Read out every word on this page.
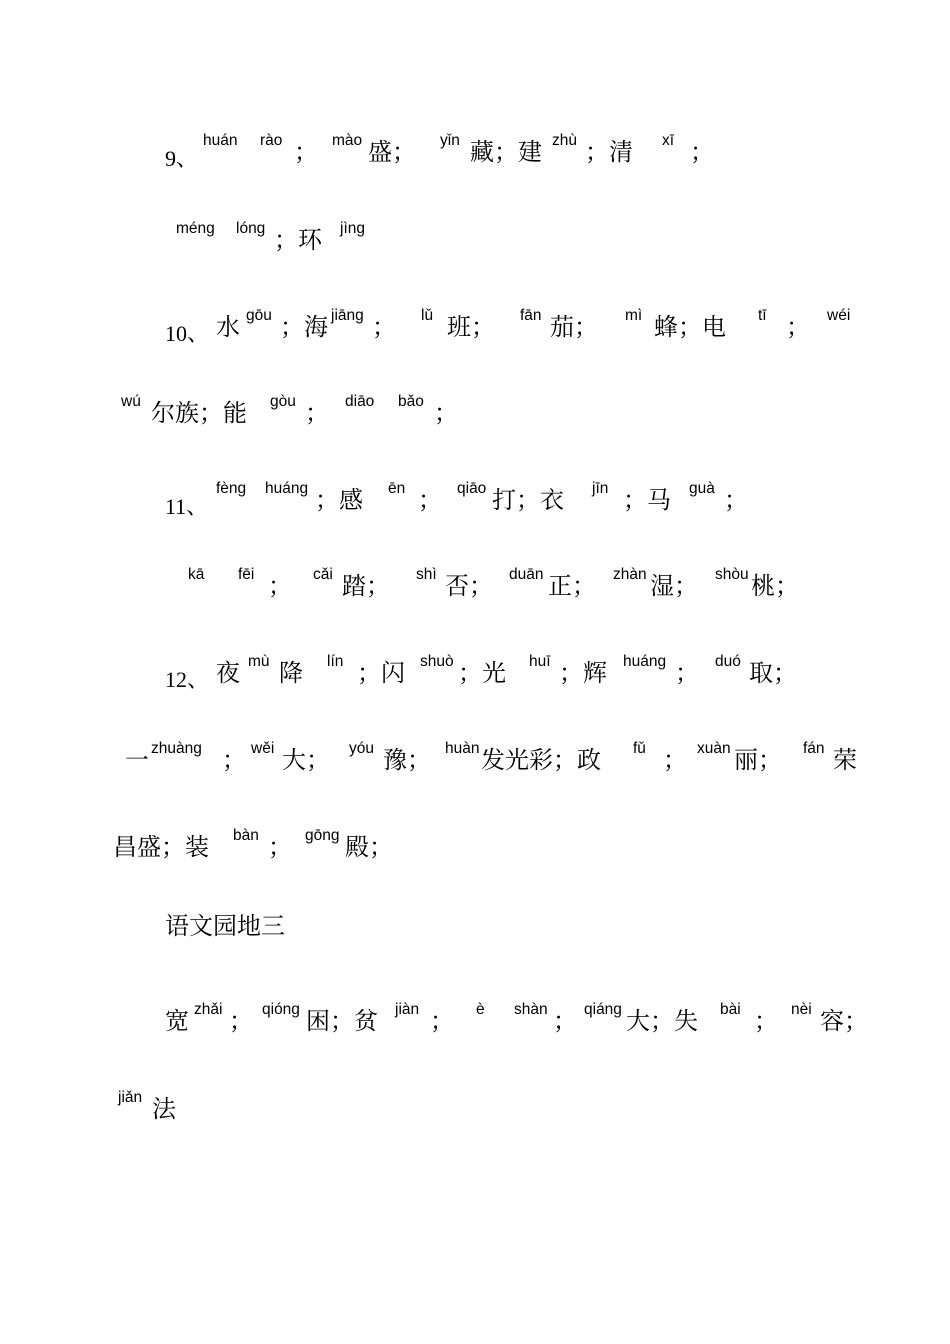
语文园地三
9、
huán rào ； mào 盛； yǐn 藏；建 zhù ；清 xī ；
méng lóng ；环 jìng
10、 水 gōu ；海 jiāng ； lǔ 班； fān 茄； mì 蜂；电 tī ； wéi
wú 尔族；能 gòu ； diāo bǎo ；
11、
fèng huáng ；感 ēn ； qiāo 打；衣 jīn ；马 guà ；
kā fēi ； cǎi 踏； shì 否； duān 正； zhàn 湿； shòu 桃；
12、 夜 mù 降 lín ；闪 shuò ；光 huī ；辉 huáng ； duó 取；
一 zhuàng ； wěi 大； yóu 豫； huàn 发光彩；政 fǔ ； xuàn 丽； fán 荣
昌盛；装 bàn ； gōng 殿；
宽 zhǎi ； qióng 困；贫 jiàn ； è shàn ； qiáng 大；失 bài ； nèi 容；
jiǎn 法
